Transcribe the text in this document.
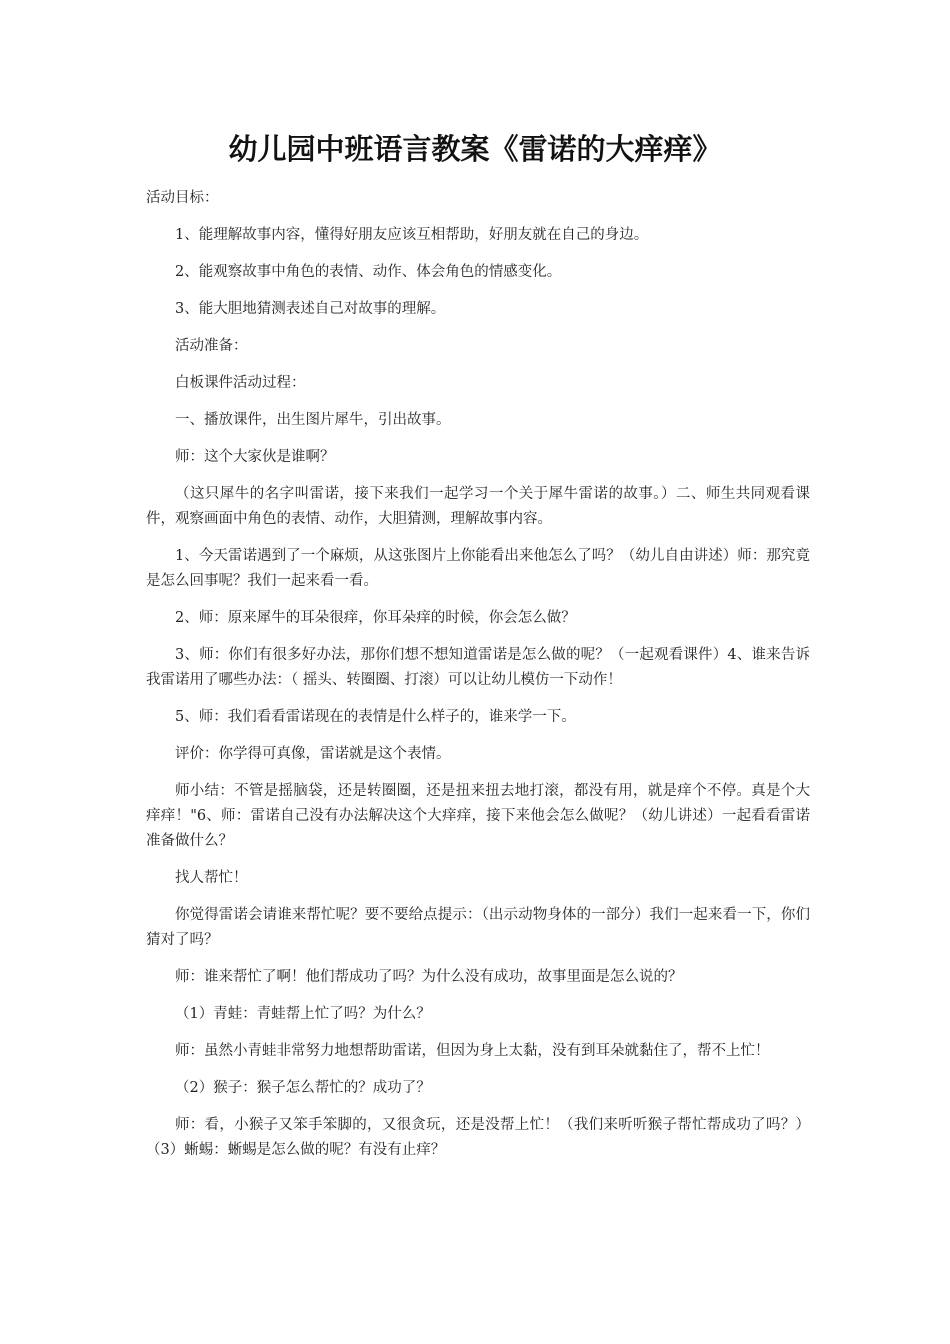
幼儿园中班语言教案《雷诺的大痒痒》

活动目标：

1、能理解故事内容，懂得好朋友应该互相帮助，好朋友就在自己的身边。

2、能观察故事中角色的表情、动作、体会角色的情感变化。

3、能大胆地猜测表述自己对故事的理解。

活动准备：

白板课件活动过程：

一、播放课件，出生图片犀牛，引出故事。

师：这个大家伙是谁啊？

（这只犀牛的名字叫雷诺，接下来我们一起学习一个关于犀牛雷诺的故事。）二、师生共同观看课件，观察画面中角色的表情、动作，大胆猜测，理解故事内容。

1、今天雷诺遇到了一个麻烦，从这张图片上你能看出来他怎么了吗？（幼儿自由讲述）师：那究竟是怎么回事呢？我们一起来看一看。

2、师：原来犀牛的耳朵很痒，你耳朵痒的时候，你会怎么做？

3、师：你们有很多好办法，那你们想不想知道雷诺是怎么做的呢？（一起观看课件）4、谁来告诉我雷诺用了哪些办法：（ 摇头、转圈圈、打滚）可以让幼儿模仿一下动作！

5、师：我们看看雷诺现在的表情是什么样子的，谁来学一下。

评价：你学得可真像，雷诺就是这个表情。

师小结：不管是摇脑袋，还是转圈圈，还是扭来扭去地打滚，都没有用，就是痒个不停。真是个大痒痒！"6、师：雷诺自己没有办法解决这个大痒痒，接下来他会怎么做呢？（幼儿讲述）一起看看雷诺准备做什么？

找人帮忙！

你觉得雷诺会请谁来帮忙呢？要不要给点提示：（出示动物身体的一部分）我们一起来看一下，你们猜对了吗？

师：谁来帮忙了啊！他们帮成功了吗？为什么没有成功，故事里面是怎么说的？

（1）青蛙：青蛙帮上忙了吗？为什么？

师：虽然小青蛙非常努力地想帮助雷诺，但因为身上太黏，没有到耳朵就黏住了，帮不上忙！

（2）猴子：猴子怎么帮忙的？成功了？

师：看，小猴子又笨手笨脚的，又很贪玩，还是没帮上忙！（我们来听听猴子帮忙帮成功了吗？）（3）蜥蜴：蜥蜴是怎么做的呢？有没有止痒？
